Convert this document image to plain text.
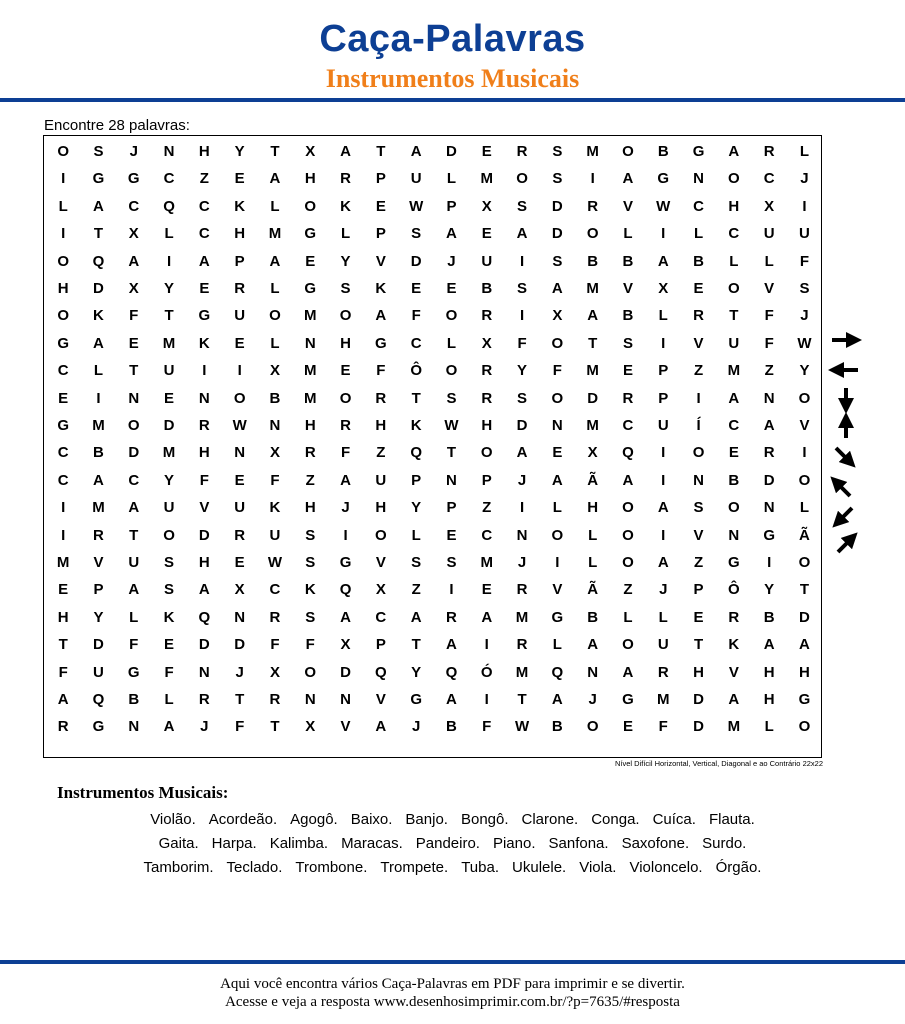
Caça-Palavras
Instrumentos Musicais
Encontre 28 palavras:
O	S	J	N	H	Y	T	X	A	T	A	D	E	R	S	M	O	B	G	A	R	L
I	G	G	C	Z	E	A	H	R	P	U	L	M	O	S	I	A	G	N	O	C	J
L	A	C	Q	C	K	L	O	K	E	W	P	X	S	D	R	V	W	C	H	X	I
I	T	X	L	C	H	M	G	L	P	S	A	E	A	D	O	L	I	L	C	U	U
O	Q	A	I	A	P	A	E	Y	V	D	J	U	I	S	B	B	A	B	L	L	F
H	D	X	Y	E	R	L	G	S	K	E	E	B	S	A	M	V	X	E	O	V	S
O	K	F	T	G	U	O	M	O	A	F	O	R	I	X	A	B	L	R	T	F	J
G	A	E	M	K	E	L	N	H	G	C	L	X	F	O	T	S	I	V	U	F	W
C	L	T	U	I	I	X	M	E	F	Ô	O	R	Y	F	M	E	P	Z	M	Z	Y
E	I	N	E	N	O	B	M	O	R	T	S	R	S	O	D	R	P	I	A	N	O
G	M	O	D	R	W	N	H	R	H	K	W	H	D	N	M	C	U	Í	C	A	V
C	B	D	M	H	N	X	R	F	Z	Q	T	O	A	E	X	Q	I	O	E	R	I
C	A	C	Y	F	E	F	Z	A	U	P	N	P	J	A	Ã	A	I	N	B	D	O
I	M	A	U	V	U	K	H	J	H	Y	P	Z	I	L	H	O	A	S	O	N	L
I	R	T	O	D	R	U	S	I	O	L	E	C	N	O	L	O	I	V	N	G	Ã
M	V	U	S	H	E	W	S	G	V	S	S	M	J	I	L	O	A	Z	G	I	O
E	P	A	S	A	X	C	K	Q	X	Z	I	E	R	V	Ã	Z	J	P	Ô	Y	T
H	Y	L	K	Q	N	R	S	A	C	A	R	A	M	G	B	L	L	E	R	B	D
T	D	F	E	D	D	F	F	X	P	T	A	I	R	L	A	O	U	T	K	A	A
F	U	G	F	N	J	X	O	D	Q	Y	Q	Ó	M	Q	N	A	R	H	V	H	H
A	Q	B	L	R	T	R	N	N	V	G	A	I	T	A	J	G	M	D	A	H	G
R	G	N	A	J	F	T	X	V	A	J	B	F	W	B	O	E	F	D	M	L	O
Nível Difícil Horizontal, Vertical, Diagonal e ao Contrário 22x22
Instrumentos Musicais:
Violão. Acordeão. Agogô. Baixo. Banjo. Bongô. Clarone. Conga. Cuíca. Flauta.
Gaita. Harpa. Kalimba. Maracas. Pandeiro. Piano. Sanfona. Saxofone. Surdo.
Tamborim. Teclado. Trombone. Trompete. Tuba. Ukulele. Viola. Violoncelo. Órgão.
Aqui você encontra vários Caça-Palavras em PDF para imprimir e se divertir.
Acesse e veja a resposta www.desenhosimprimir.com.br/?p=7635/#resposta
